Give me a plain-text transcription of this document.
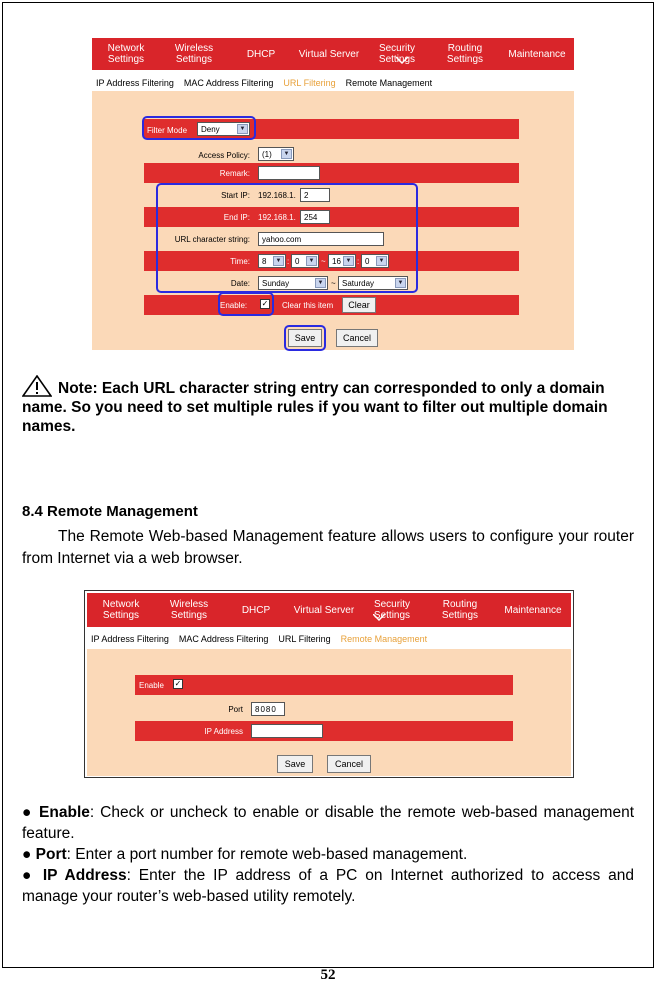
Network Settings
Wireless Settings	DHCP	Virtual Server	Security Settings
Routing Settings	Maintenance
IP Address Filtering MAC Address Filtering URL Filtering Remote Management
Filter Mode	Deny	▼
Access Policy:	(1)	▼
Remark:
Start IP: 192.168.1.	2
End IP: 192.168.1.	254
URL character string:	yahoo.com
Time:	8	▼ : 0	▼ ~ 16 ▼ : 0	▼
Date:	Sunday	▼ ~ Saturday	▼
Enable: ✓ Clear this item	Clear
Save	Cancel
Note: Each URL character string entry can corresponded to only a domain name. So you need to set multiple rules if you want to filter out multiple domain names.
8.4 Remote Management
The Remote Web-based Management feature allows users to configure your router from Internet via a web browser.
Network Settings
Wireless Settings	DHCP	Virtual Server	Security Settings
Routing Settings	Maintenance
IP Address Filtering MAC Address Filtering URL Filtering Remote Management
Enable ✓
Port	8080
IP Address
Save	Cancel
● Enable: Check or uncheck to enable or disable the remote web-based management feature.
● Port: Enter a port number for remote web-based management.
● IP Address: Enter the IP address of a PC on Internet authorized to access and manage your router’s web-based utility remotely.
52
